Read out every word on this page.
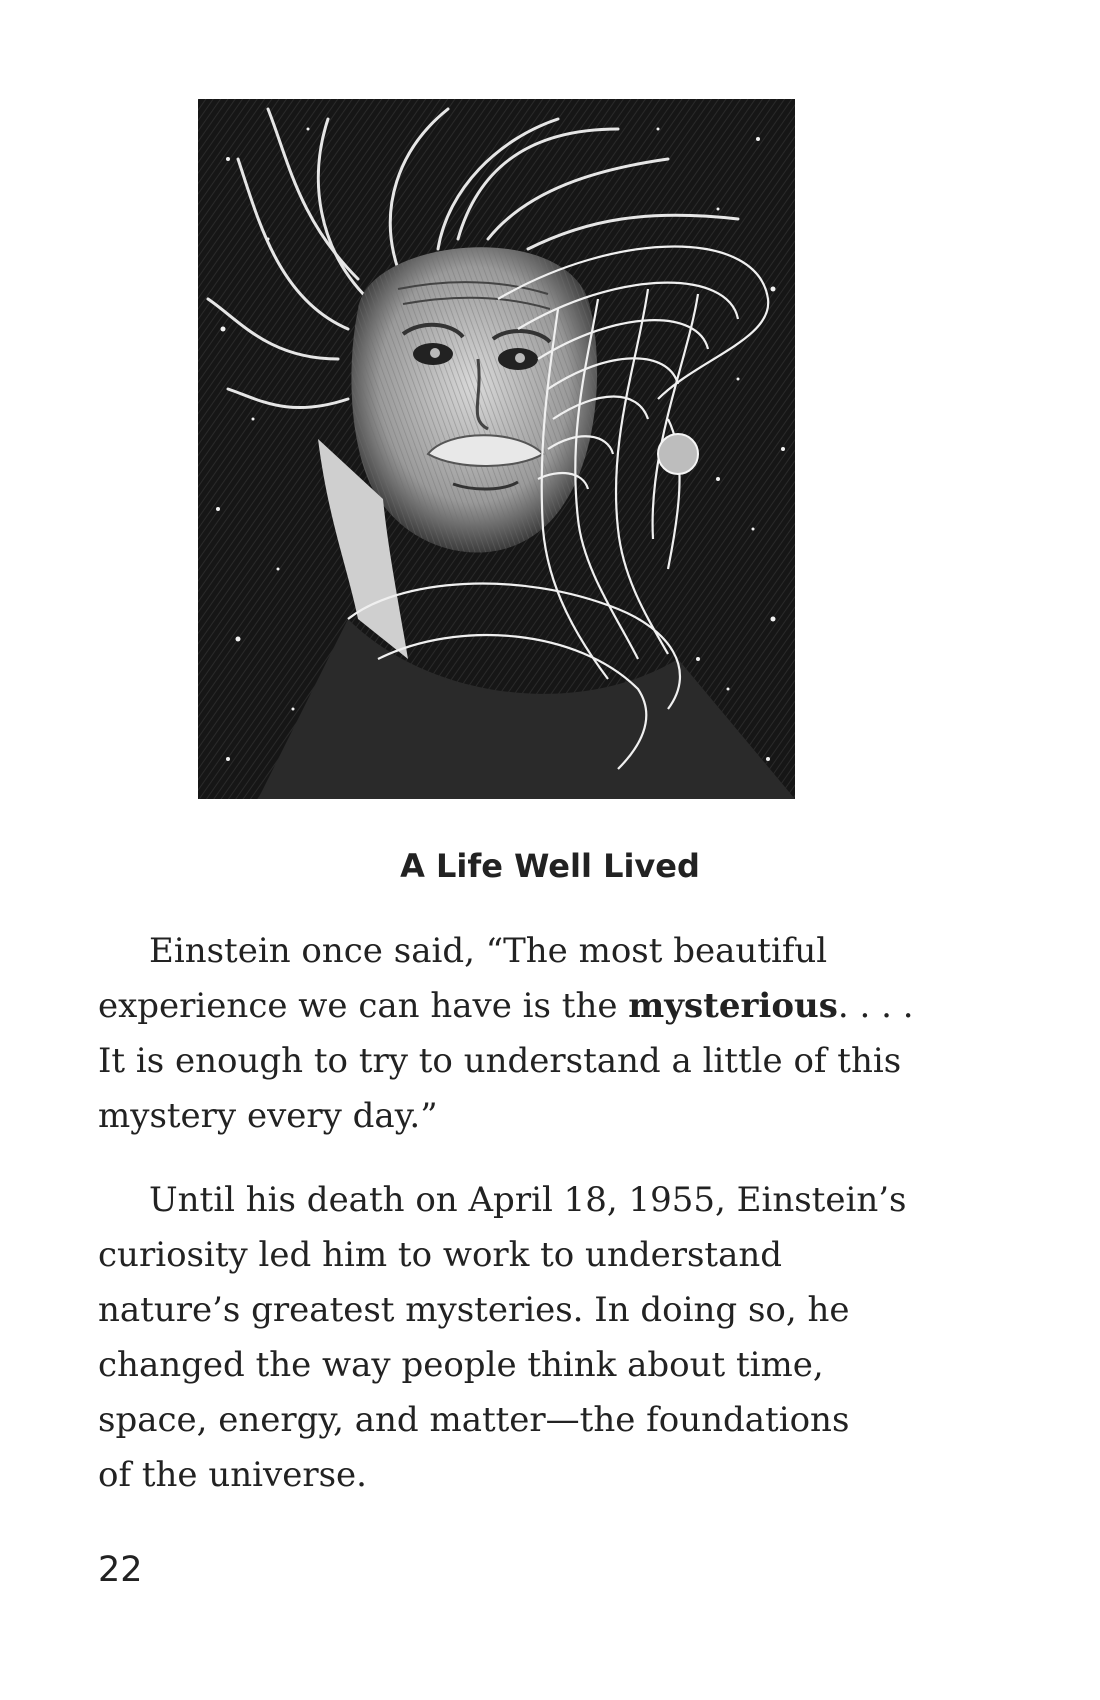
A Life Well Lived

Einstein once said, “The most beautiful
experience we can have is the mysterious. . . .
It is enough to try to understand a little of this
mystery every day.”

Until his death on April 18, 1955, Einstein’s
curiosity led him to work to understand
nature’s greatest mysteries. In doing so, he
changed the way people think about time,
space, energy, and matter—the foundations
of the universe.

22
